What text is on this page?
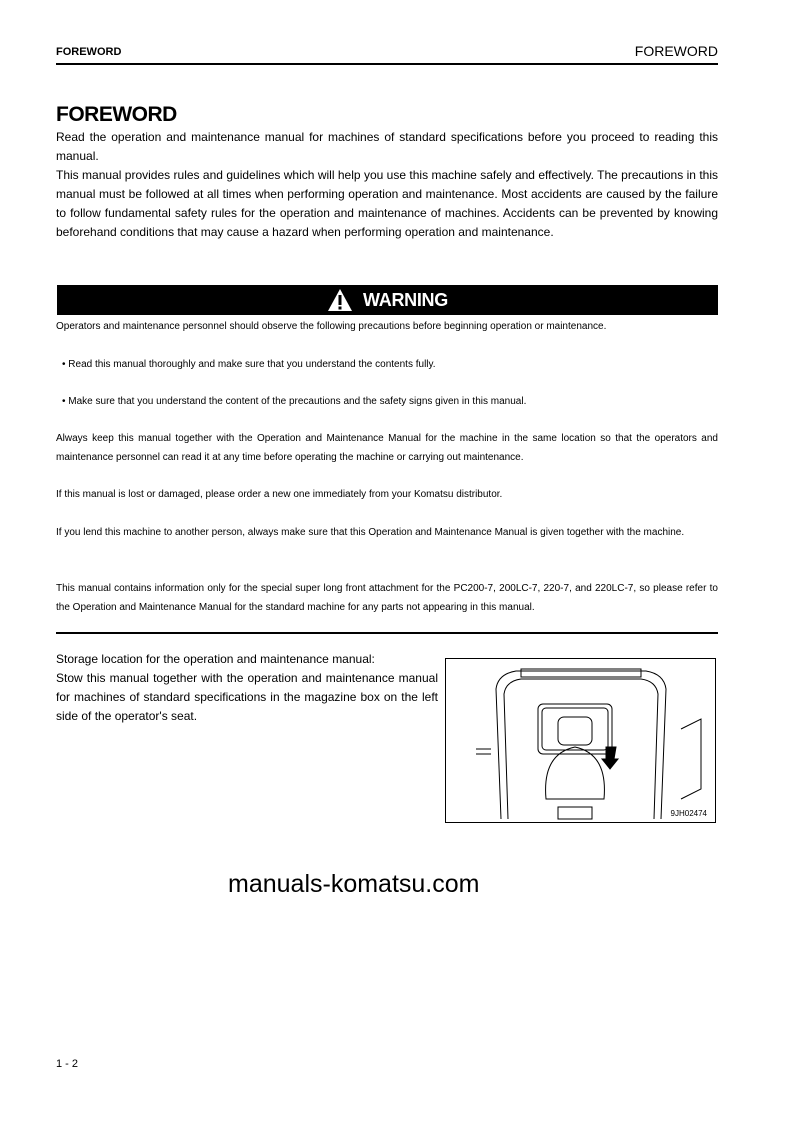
FOREWORD	FOREWORD
FOREWORD
Read the operation and maintenance manual for machines of standard specifications before you proceed to reading this manual.
This manual provides rules and guidelines which will help you use this machine safely and effectively. The precautions in this manual must be followed at all times when performing operation and maintenance. Most accidents are caused by the failure to follow fundamental safety rules for the operation and maintenance of machines. Accidents can be prevented by knowing beforehand conditions that may cause a hazard when performing operation and maintenance.
WARNING
Operators and maintenance personnel should observe the following precautions before beginning operation or maintenance.
• Read this manual thoroughly and make sure that you understand the contents fully.
• Make sure that you understand the content of the precautions and the safety signs given in this manual.
Always keep this manual together with the Operation and Maintenance Manual for the machine in the same location so that the operators and maintenance personnel can read it at any time before operating the machine or carrying out maintenance.
If this manual is lost or damaged, please order a new one immediately from your Komatsu distributor.
If you lend this machine to another person, always make sure that this Operation and Maintenance Manual is given together with the machine.
This manual contains information only for the special super long front attachment for the PC200-7, 200LC-7, 220-7, and 220LC-7, so please refer to the Operation and Maintenance Manual for the standard machine for any parts not appearing in this manual.
Storage location for the operation and maintenance manual:
Stow this manual together with the operation and maintenance manual for machines of standard specifications in the magazine box on the left side of the operator's seat.
9JH02474
manuals-komatsu.com
1 - 2
